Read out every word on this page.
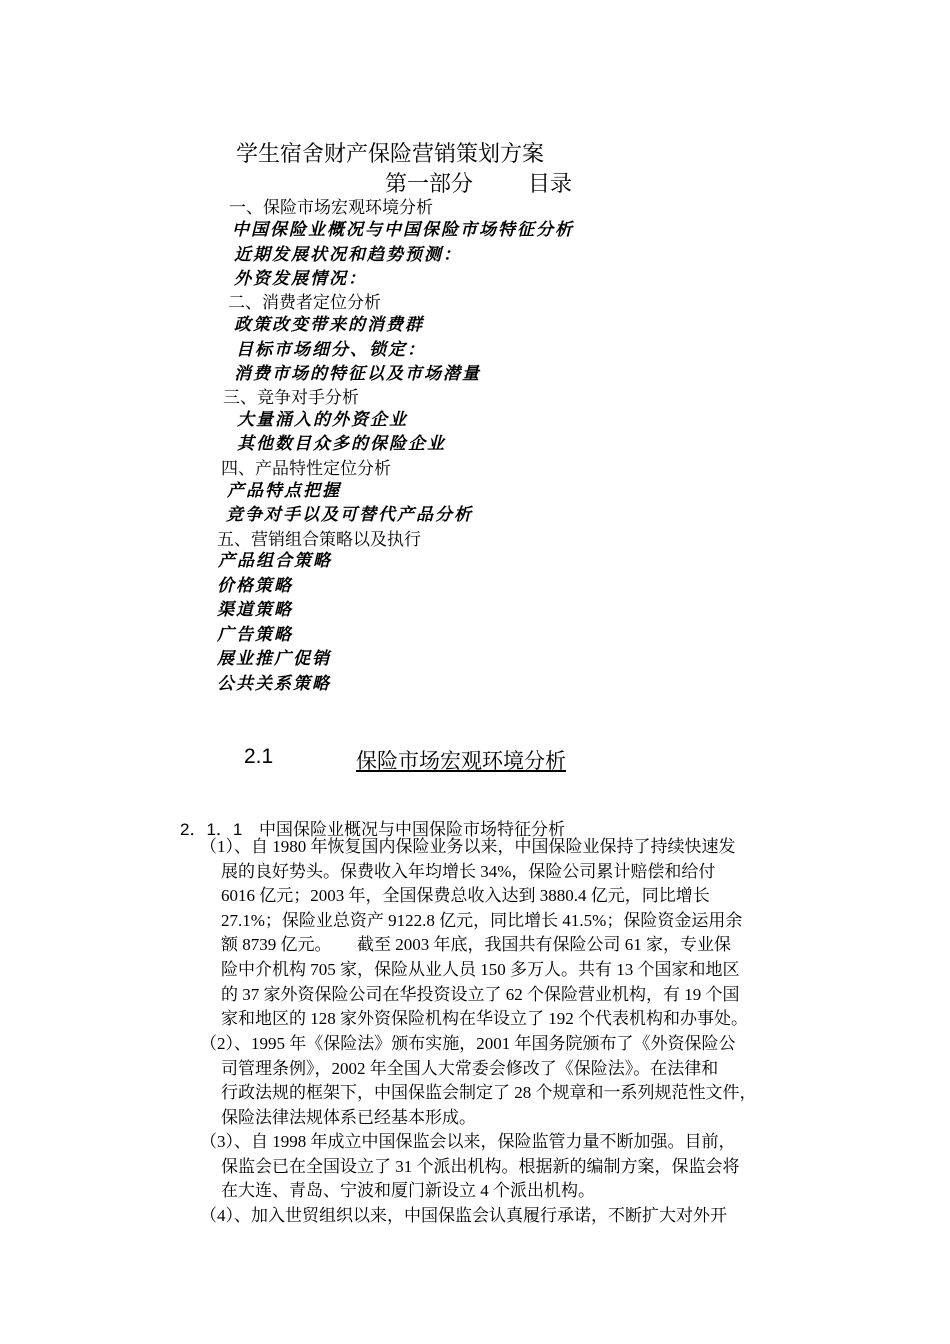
学生宿舍财产保险营销策划方案
第一部分 目录
一、保险市场宏观环境分析
中国保险业概况与中国保险市场特征分析
近期发展状况和趋势预测：
外资发展情况：
二、消费者定位分析
政策改变带来的消费群
目标市场细分、锁定：
消费市场的特征以及市场潜量
三、竞争对手分析
大量涌入的外资企业
其他数目众多的保险企业
四、产品特性定位分析
产品特点把握
竞争对手以及可替代产品分析
五、营销组合策略以及执行
产品组合策略
价格策略
渠道策略
广告策略
展业推广促销
公共关系策略
2.1	保险市场宏观环境分析
2．1．1 中国保险业概况与中国保险市场特征分析
（1）、自 1980 年恢复国内保险业务以来，中国保险业保持了持续快速发
展的良好势头。保费收入年均增长 34%，保险公司累计赔偿和给付
6016 亿元；2003 年，全国保费总收入达到 3880.4 亿元，同比增长
27.1%；保险业总资产 9122.8 亿元，同比增长 41.5%；保险资金运用余
额 8739 亿元。　　截至 2003 年底，我国共有保险公司 61 家，专业保
险中介机构 705 家，保险从业人员 150 多万人。共有 13 个国家和地区
的 37 家外资保险公司在华投资设立了 62 个保险营业机构，有 19 个国
家和地区的 128 家外资保险机构在华设立了 192 个代表机构和办事处。
（2）、1995 年《保险法》颁布实施，2001 年国务院颁布了《外资保险公
司管理条例》，2002 年全国人大常委会修改了《保险法》。在法律和
行政法规的框架下，中国保监会制定了 28 个规章和一系列规范性文件，
保险法律法规体系已经基本形成。
（3）、自 1998 年成立中国保监会以来，保险监管力量不断加强。目前，
保监会已在全国设立了 31 个派出机构。根据新的编制方案，保监会将
在大连、青岛、宁波和厦门新设立 4 个派出机构。
（4）、加入世贸组织以来，中国保监会认真履行承诺，不断扩大对外开
